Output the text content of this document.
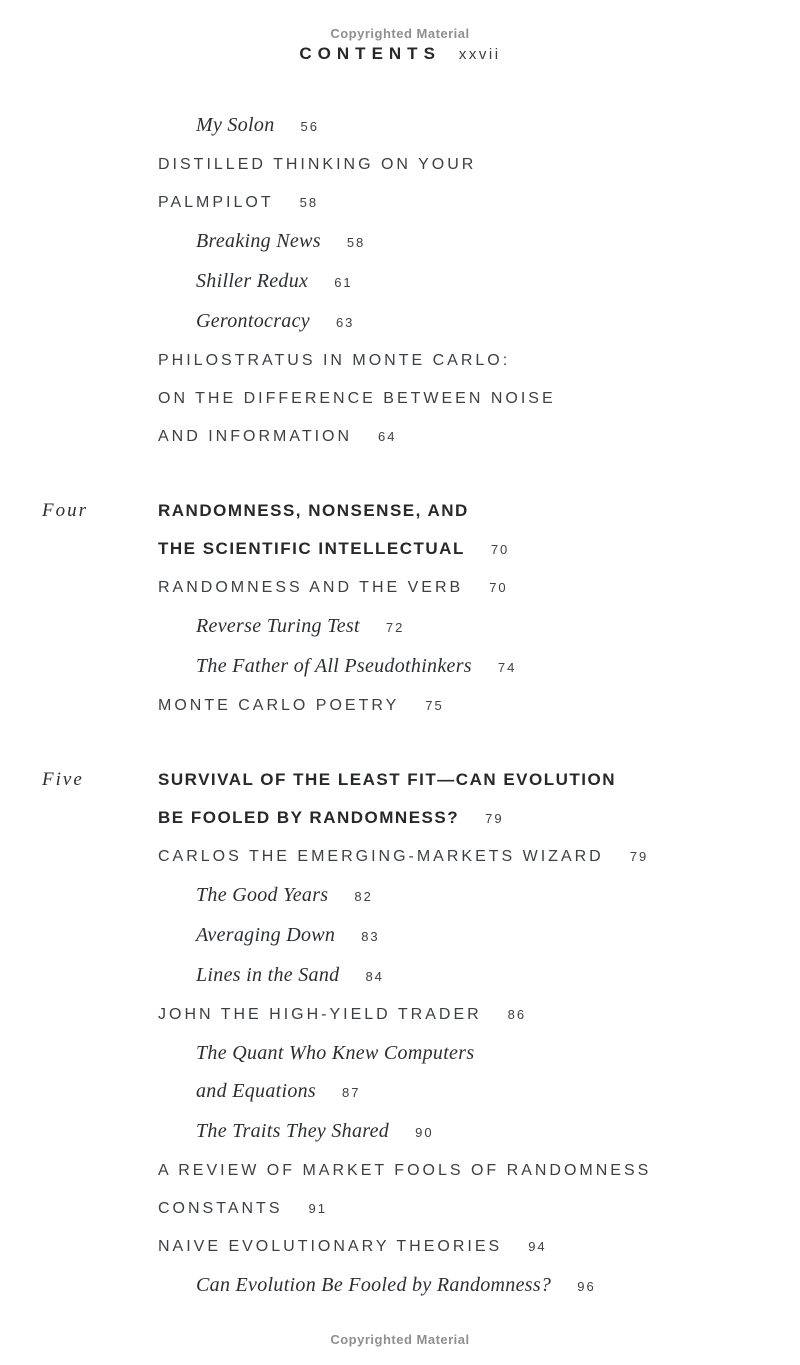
Copyrighted Material
CONTENTS xxvii
My Solon 56
DISTILLED THINKING ON YOUR
PALMPILOT 58
Breaking News 58
Shiller Redux 61
Gerontocracy 63
PHILOSTRATUS IN MONTE CARLO:
ON THE DIFFERENCE BETWEEN NOISE
AND INFORMATION 64
Four	RANDOMNESS, NONSENSE, AND
THE SCIENTIFIC INTELLECTUAL 70
RANDOMNESS AND THE VERB 70
Reverse Turing Test 72
The Father of All Pseudothinkers 74
MONTE CARLO POETRY 75
Five	SURVIVAL OF THE LEAST FIT—CAN EVOLUTION
BE FOOLED BY RANDOMNESS? 79
CARLOS THE EMERGING-MARKETS WIZARD 79
The Good Years 82
Averaging Down 83
Lines in the Sand 84
JOHN THE HIGH-YIELD TRADER 86
The Quant Who Knew Computers
and Equations 87
The Traits They Shared 90
A REVIEW OF MARKET FOOLS OF RANDOMNESS
CONSTANTS 91
NAIVE EVOLUTIONARY THEORIES 94
Can Evolution Be Fooled by Randomness? 96
Copyrighted Material
